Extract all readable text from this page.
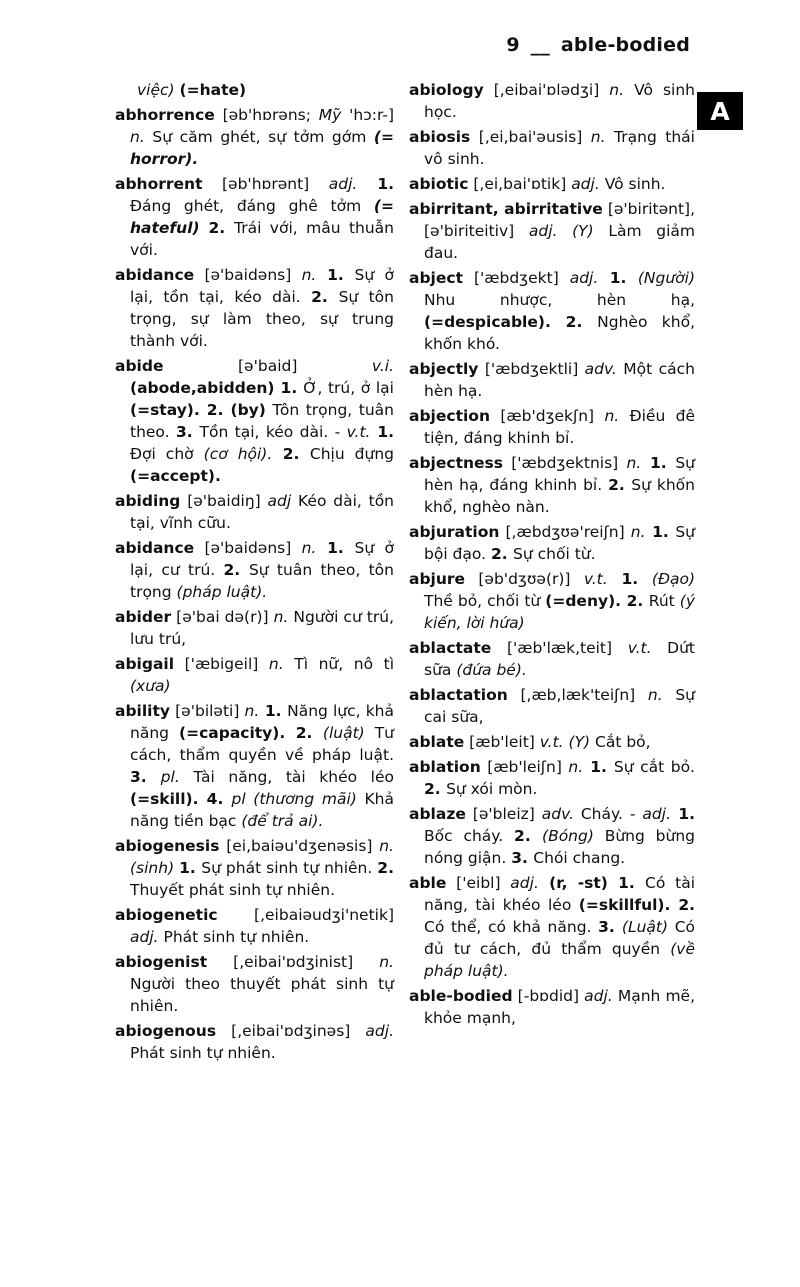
9 __ able-bodied
A

việc) (=hate)

abhorrence [əb'hɒrəns; Mỹ 'hɔ:r-] n. Sự căm ghét, sự tởm gớm (= horror).

abhorrent [əb'hɒrənt] adj. 1. Đáng ghét, đáng ghê tởm (= hateful) 2. Trái với, mâu thuẫn với.

abidance [ə'baidəns] n. 1. Sự ở lại, tồn tại, kéo dài. 2. Sự tôn trọng, sự làm theo, sự trung thành với.

abide [ə'baid] v.i. (abode,abidden) 1. Ở, trú, ở lại (=stay). 2. (by) Tôn trọng, tuân theo. 3. Tồn tại, kéo dài. - v.t. 1. Đợi chờ (cơ hội). 2. Chịu đựng (=accept).

abiding [ə'baidiŋ] adj Kéo dài, tồn tại, vĩnh cữu.

abidance [ə'baidəns] n. 1. Sự ở lại, cư trú. 2. Sự tuân theo, tôn trọng (pháp luật).

abider [ə'bai də(r)] n. Người cư trú, lưu trú,

abigail ['æbigeil] n. Tì nữ, nô tì (xưa)

ability [ə'biləti] n. 1. Năng lực, khả năng (=capacity). 2. (luật) Tư cách, thẩm quyền về pháp luật. 3. pl. Tài năng, tài khéo léo (=skill). 4. pl (thương mãi) Khả năng tiền bạc (để trả ai).

abiogenesis [ei,baiəu'dʒenəsis] n. (sinh) 1. Sự phát sinh tự nhiên. 2. Thuyết phát sinh tự nhiên.

abiogenetic [,eibaiəudʒi'netik] adj. Phát sinh tự nhiên.

abiogenist [,eibai'ɒdʒinist] n. Người theo thuyết phát sinh tự nhiên.

abiogenous [,eibai'ɒdʒinəs] adj. Phát sinh tự nhiên.

abiology [,eibai'ɒlədʒi] n. Vô sinh học.

abiosis [,ei,bai'əusis] n. Trạng thái vô sinh.

abiotic [,ei,bai'ɒtik] adj. Vô sinh.

abirritant, abirritative [ə'biritənt], [ə'biriteitiv] adj. (Y) Làm giảm đau.

abject ['æbdʒekt] adj. 1. (Người) Nhu nhược, hèn hạ, (=despicable). 2. Nghèo khổ, khốn khó.

abjectly ['æbdʒektli] adv. Một cách hèn hạ.

abjection [æb'dʒekʃn] n. Điều đê tiện, đáng khinh bỉ.

abjectness ['æbdʒektnis] n. 1. Sự hèn hạ, đáng khinh bỉ. 2. Sự khốn khổ, nghèo nàn.

abjuration [,æbdʒʊə'reiʃn] n. 1. Sự bội đạo. 2. Sự chối từ.

abjure [əb'dʒʊə(r)] v.t. 1. (Đạo) Thề bỏ, chối từ (=deny). 2. Rút (ý kiến, lời hứa)

ablactate ['æb'læk,teit] v.t. Dứt sữa (đứa bé).

ablactation [,æb,læk'teiʃn] n. Sự cai sữa,

ablate [æb'leit] v.t. (Y) Cắt bỏ,

ablation [æb'leiʃn] n. 1. Sự cắt bỏ. 2. Sự xói mòn.

ablaze [ə'bleiz] adv. Cháy. - adj. 1. Bốc cháy. 2. (Bóng) Bừng bừng nóng giận. 3. Chói chang.

able ['eibl] adj. (r, -st) 1. Có tài năng, tài khéo léo (=skillful). 2. Có thể, có khả năng. 3. (Luật) Có đủ tư cách, đủ thẩm quyền (về pháp luật).

able-bodied [-bɒdid] adj. Mạnh mẽ, khỏe mạnh,
